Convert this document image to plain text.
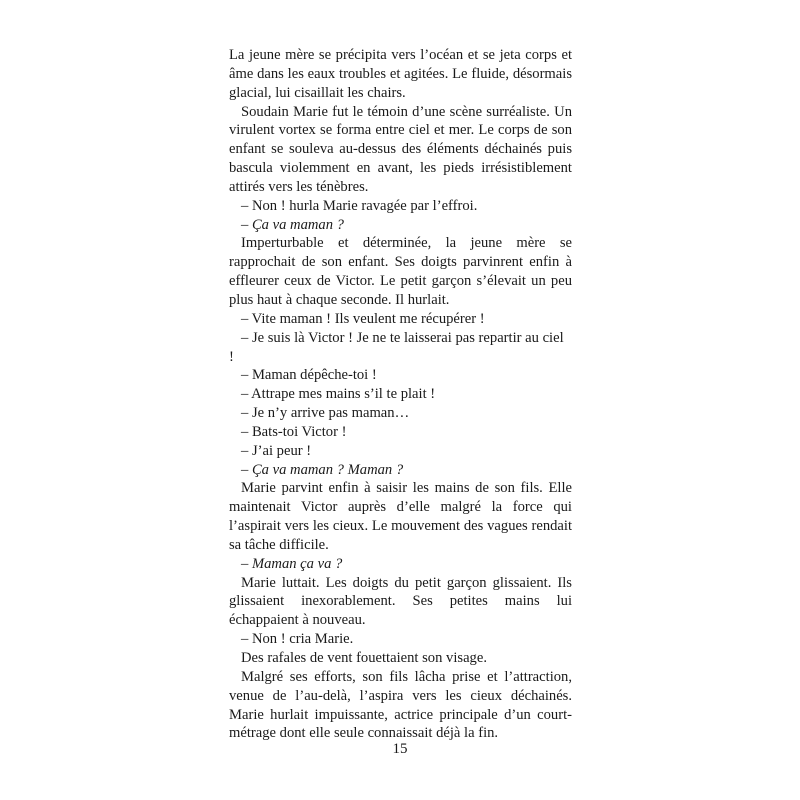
La jeune mère se précipita vers l’océan et se jeta corps et âme dans les eaux troubles et agitées. Le fluide, désormais glacial, lui cisaillait les chairs.

Soudain Marie fut le témoin d’une scène surréaliste. Un virulent vortex se forma entre ciel et mer. Le corps de son enfant se souleva au-dessus des éléments déchainés puis bascula violemment en avant, les pieds irrésistiblement attirés vers les ténèbres.

– Non ! hurla Marie ravagée par l’effroi.

– Ça va maman ?

Imperturbable et déterminée, la jeune mère se rapprochait de son enfant. Ses doigts parvinrent enfin à effleurer ceux de Victor. Le petit garçon s’élevait un peu plus haut à chaque seconde. Il hurlait.

– Vite maman ! Ils veulent me récupérer !

– Je suis là Victor ! Je ne te laisserai pas repartir au ciel !

– Maman dépêche-toi !

– Attrape mes mains s’il te plait !

– Je n’y arrive pas maman…

– Bats-toi Victor !

– J’ai peur !

– Ça va maman ? Maman ?

Marie parvint enfin à saisir les mains de son fils. Elle maintenait Victor auprès d’elle malgré la force qui l’aspirait vers les cieux. Le mouvement des vagues rendait sa tâche difficile.

– Maman ça va ?

Marie luttait. Les doigts du petit garçon glissaient. Ils glissaient inexorablement. Ses petites mains lui échappaient à nouveau.

– Non ! cria Marie.

Des rafales de vent fouettaient son visage.

Malgré ses efforts, son fils lâcha prise et l’attraction, venue de l’au-delà, l’aspira vers les cieux déchainés. Marie hurlait impuissante, actrice principale d’un court-métrage dont elle seule connaissait déjà la fin.

15
